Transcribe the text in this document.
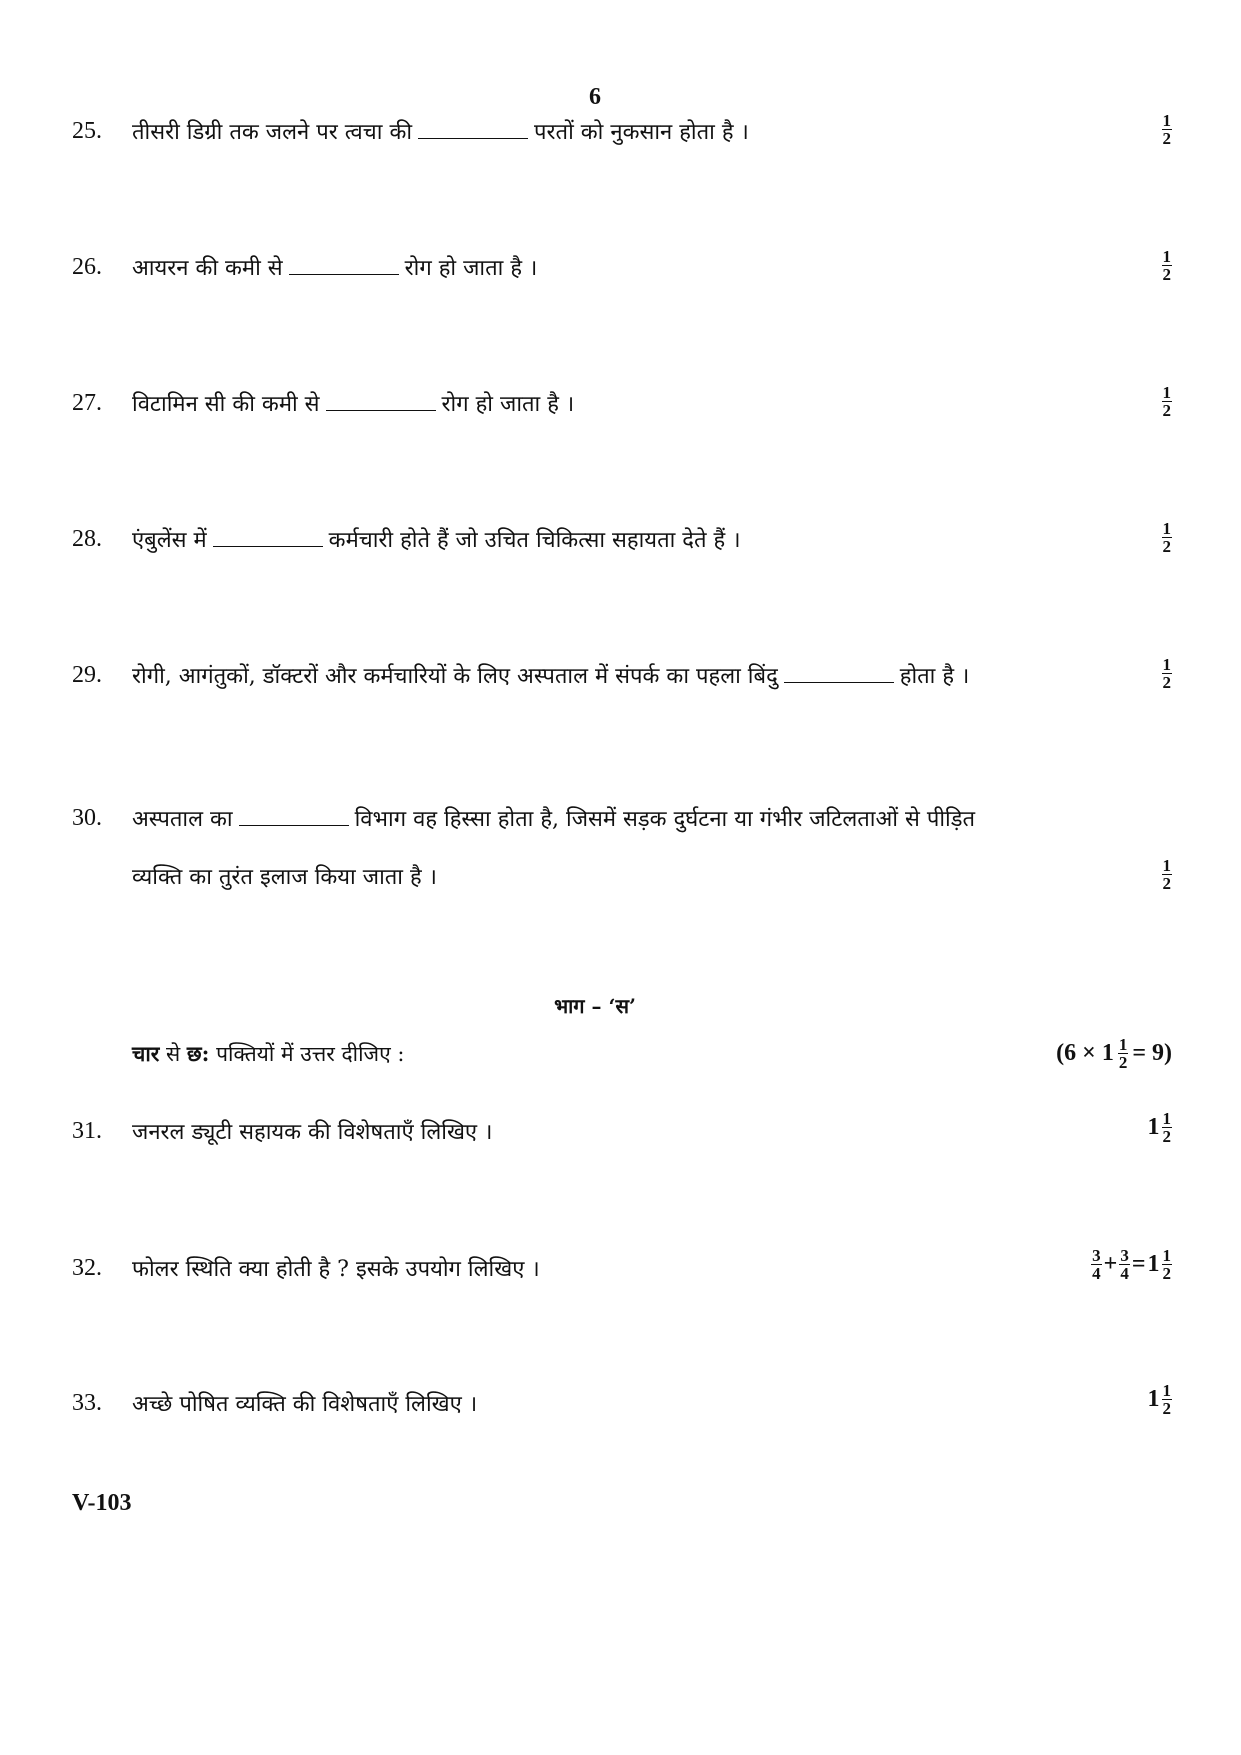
6
25.	तीसरी डिग्री तक जलने पर त्वचा की	परतों को नुकसान होता है ।	$\frac{1}{2}$
26.	आयरन की कमी से	रोग हो जाता है ।	$\frac{1}{2}$
27.	विटामिन सी की कमी से	रोग हो जाता है ।	$\frac{1}{2}$
28.	एंबुलेंस में	कर्मचारी होते हैं जो उचित चिकित्सा सहायता देते हैं ।	$\frac{1}{2}$
29.	रोगी, आगंतुकों, डॉक्टरों और कर्मचारियों के लिए अस्पताल में संपर्क का पहला बिंदु	होता है ।	$\frac{1}{2}$
30.	अस्पताल का	विभाग वह हिस्सा होता है, जिसमें सड़क दुर्घटना या गंभीर जटिलताओं से पीड़ित
व्यक्ति का तुरंत इलाज किया जाता है ।	$\frac{1}{2}$
भाग – ‘स’
चार से छ: पक्तियों में उत्तर दीजिए :	$(6 \times 1 \frac{1}{2} = 9)$
31.	जनरल ड्यूटी सहायक की विशेषताएँ लिखिए ।	$1 \frac{1}{2}$
32.	फोलर स्थिति क्या होती है ? इसके उपयोग लिखिए ।	$\frac{3}{4} + \frac{3}{4} = 1 \frac{1}{2}$
33.	अच्छे पोषित व्यक्ति की विशेषताएँ लिखिए ।	$1 \frac{1}{2}$
V-103
